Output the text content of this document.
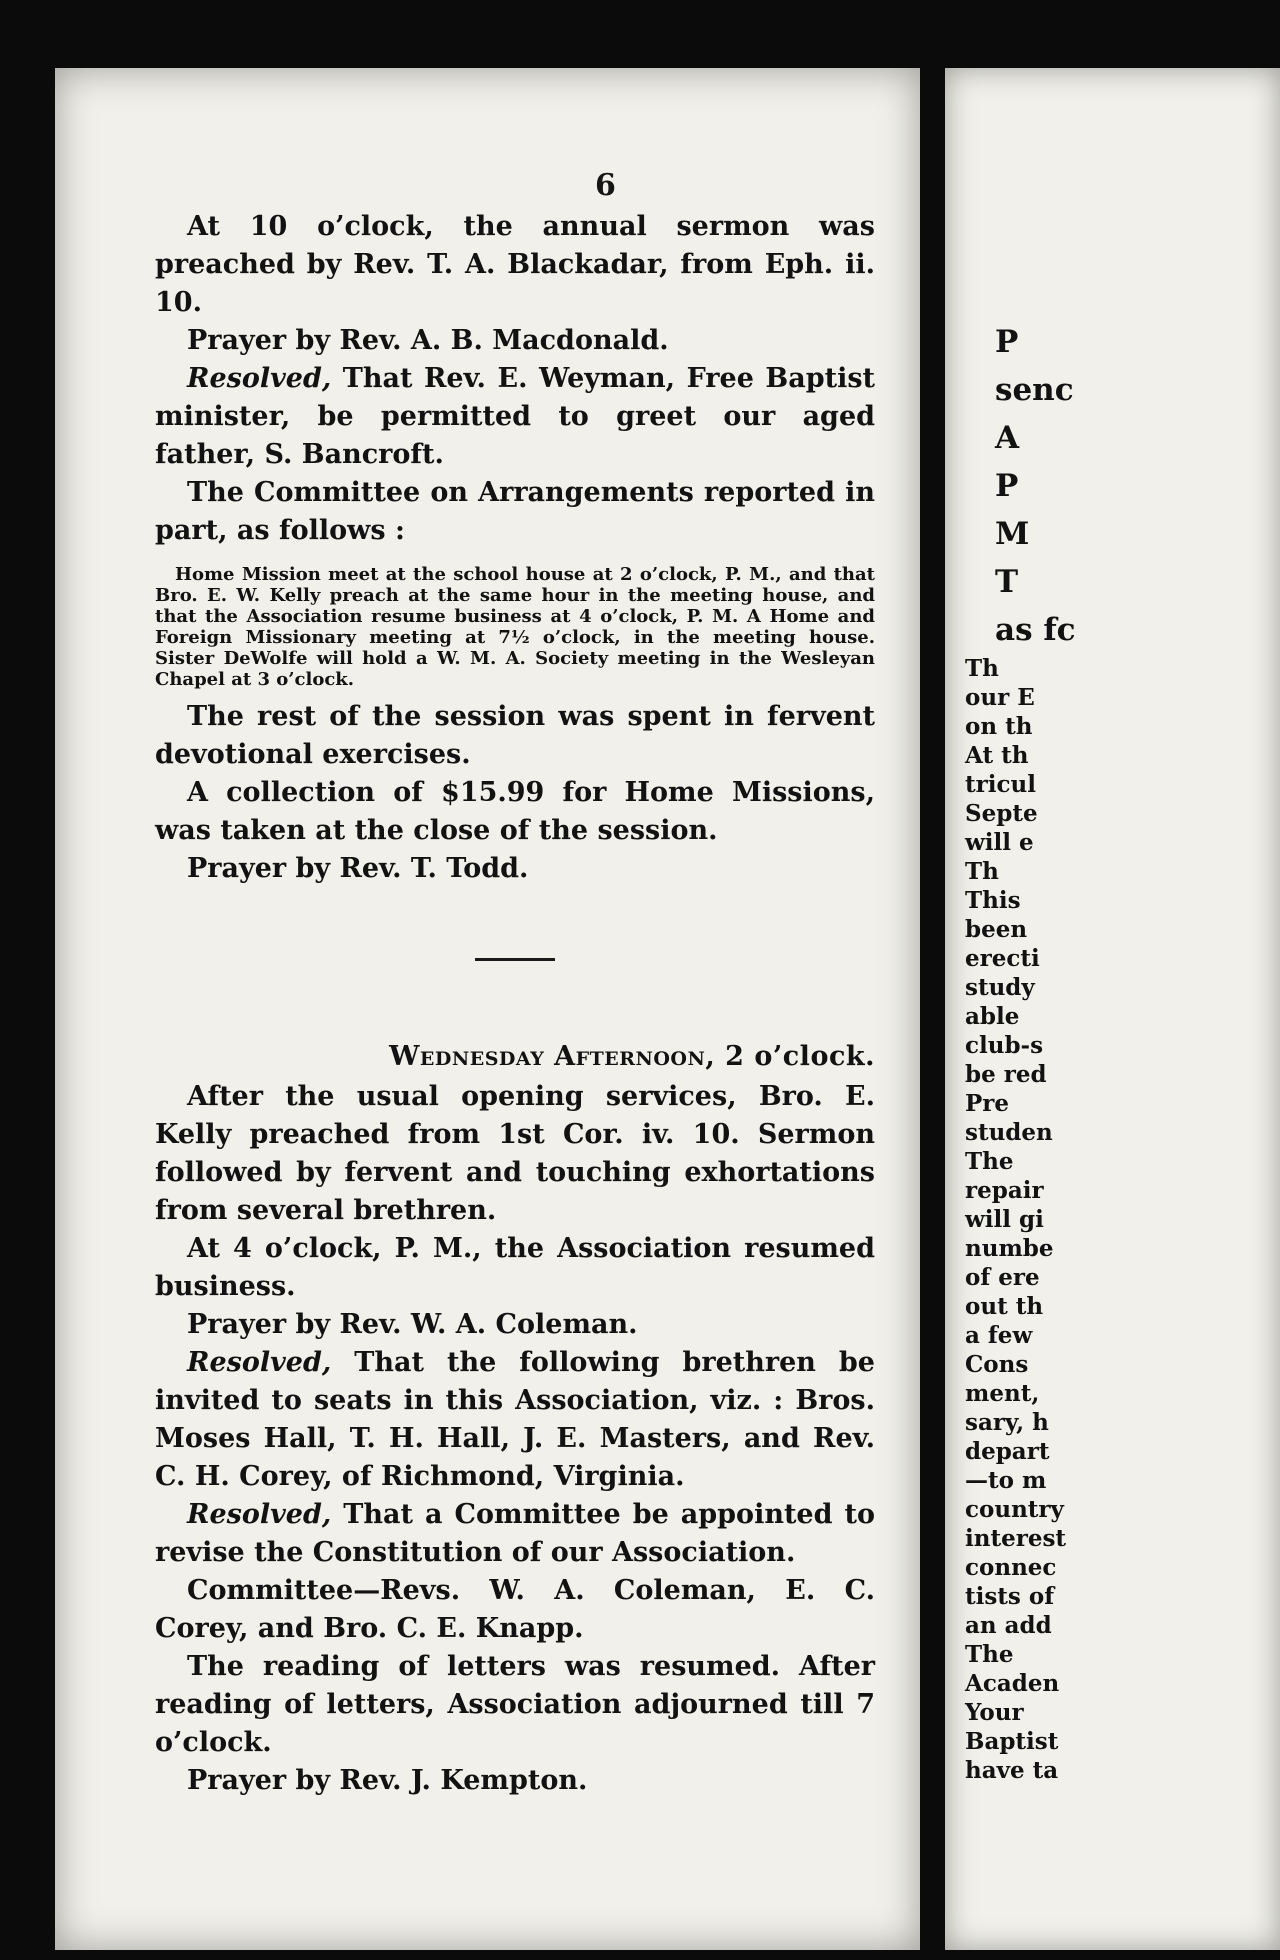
6

At 10 o’clock, the annual sermon was preached by Rev. T. A. Blackadar, from Eph. ii. 10.

Prayer by Rev. A. B. Macdonald.

Resolved, That Rev. E. Weyman, Free Baptist minister, be permitted to greet our aged father, S. Bancroft.

The Committee on Arrangements reported in part, as follows :

Home Mission meet at the school house at 2 o’clock, P. M., and that Bro. E. W. Kelly preach at the same hour in the meeting house, and that the Association resume business at 4 o’clock, P. M. A Home and Foreign Missionary meeting at 7½ o’clock, in the meeting house. Sister DeWolfe will hold a W. M. A. Society meeting in the Wesleyan Chapel at 3 o’clock.

The rest of the session was spent in fervent devotional exercises.

A collection of $15.99 for Home Missions, was taken at the close of the session.

Prayer by Rev. T. Todd.

Wednesday Afternoon, 2 o’clock.

After the usual opening services, Bro. E. Kelly preached from 1st Cor. iv. 10. Sermon followed by fervent and touching exhortations from several brethren.

At 4 o’clock, P. M., the Association resumed business.

Prayer by Rev. W. A. Coleman.

Resolved, That the following brethren be invited to seats in this Association, viz. : Bros. Moses Hall, T. H. Hall, J. E. Masters, and Rev. C. H. Corey, of Richmond, Virginia.

Resolved, That a Committee be appointed to revise the Constitution of our Association.

Committee—Revs. W. A. Coleman, E. C. Corey, and Bro. C. E. Knapp.

The reading of letters was resumed. After reading of letters, Association adjourned till 7 o’clock.

Prayer by Rev. J. Kempton.

P
senc
A
P
M
T
as fc
Th
our E
on th
At th
tricul
Septe
will e
Th
This
been
erecti
study
able
club-s
be red
Pre
studen
The
repair
will gi
numbe
of ere
out th
a few
Cons
ment,
sary, h
depart
—to m
country
interest
connec
tists of
an add
The
Acaden
Your
Baptist
have ta
